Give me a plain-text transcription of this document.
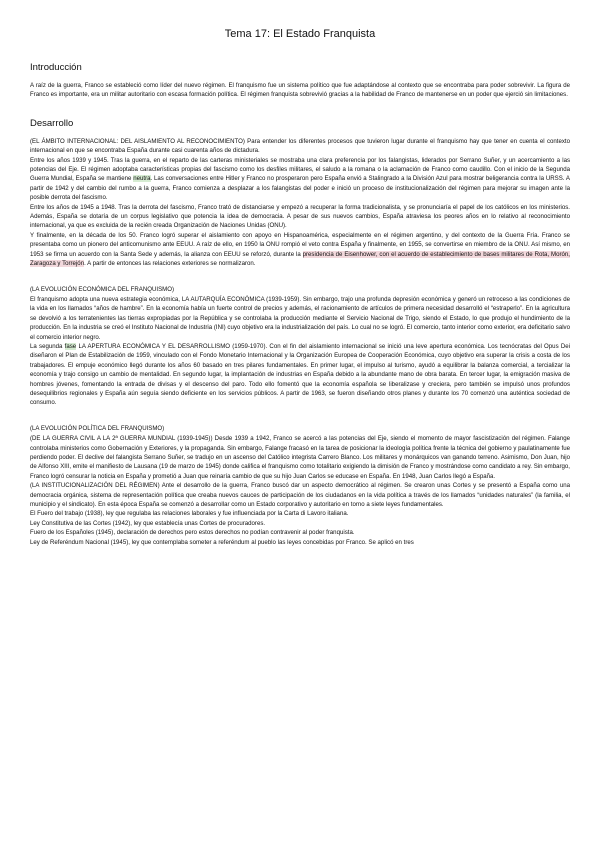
Tema 17: El Estado Franquista
Introducción

A raíz de la guerra, Franco se estableció como líder del nuevo régimen. El franquismo fue un sistema político que fue adaptándose al contexto que se encontraba para poder sobrevivir. La figura de Franco es importante, era un militar autoritario con escasa formación política. El régimen franquista sobrevivió gracias a la habilidad de Franco de mantenerse en un poder que ejerció sin limitaciones.

Desarrollo

(EL ÁMBITO INTERNACIONAL: DEL AISLAMIENTO AL RECONOCIMIENTO) Para entender los diferentes procesos que tuvieron lugar durante el franquismo hay que tener en cuenta el contexto internacional en que se encontraba España durante casi cuarenta años de dictadura.

Entre los años 1939 y 1945. Tras la guerra, en el reparto de las carteras ministeriales se mostraba una clara preferencia por los falangistas, liderados por Serrano Suñer, y un acercamiento a las potencias del Eje. El régimen adoptaba características propias del fascismo como los desfiles militares, el saludo a la romana o la aclamación de Franco como caudillo. Con el inicio de la Segunda Guerra Mundial, España se mantiene neutra. Las conversaciones entre Hitler y Franco no prosperaron pero España envió a Stalingrado a la División Azul para mostrar beligerancia contra la URSS. A partir de 1942 y del cambio del rumbo a la guerra, Franco comienza a desplazar a los falangistas del poder e inició un proceso de institucionalización del régimen para mejorar su imagen ante la posible derrota del fascismo.

Entre los años de 1945 a 1948. Tras la derrota del fascismo, Franco trató de distanciarse y empezó a recuperar la forma tradicionalista, y se pronunciaría el papel de los católicos en los ministerios. Además, España se dotaría de un corpus legislativo que potencia la idea de democracia. A pesar de sus nuevos cambios, España atraviesa los peores años en lo relativo al reconocimiento internacional, ya que es excluida de la recién creada Organización de Naciones Unidas (ONU).

Y finalmente, en la década de los 50. Franco logró superar el aislamiento con apoyo en Hispanoamérica, especialmente en el régimen argentino, y del contexto de la Guerra Fría. Franco se presentaba como un pionero del anticomunismo ante EEUU. A raíz de ello, en 1950 la ONU rompió el veto contra España y finalmente, en 1955, se convertirse en miembro de la ONU. Así mismo, en 1953 se firma un acuerdo con la Santa Sede y además, la alianza con EEUU se reforzó, durante la presidencia de Eisenhower, con el acuerdo de establecimiento de bases militares de Rota, Morón, Zaragoza y Torrejón. A partir de entonces las relaciones exteriores se normalizaron.

(LA EVOLUCIÓN ECONÓMICA DEL FRANQUISMO)

El franquismo adopta una nueva estrategia económica, LA AUTARQUÍA ECONÓMICA (1939-1959). Sin embargo, trajo una profunda depresión económica y generó un retroceso a las condiciones de la vida en los llamados “años de hambre”. En la economía había un fuerte control de precios y además, el racionamiento de artículos de primera necesidad desarrolló el “estraperlo”. En la agricultura se devolvió a los terratenientes las tierras expropiadas por la República y se controlaba la producción mediante el Servicio Nacional de Trigo, siendo el Estado, lo que produjo el hundimiento de la producción. En la industria se creó el Instituto Nacional de Industria (INI) cuyo objetivo era la industrialización del país. Lo cual no se logró. El comercio, tanto interior como exterior, era deficitario salvo el comercio interior negro.

La segunda fase LA APERTURA ECONÓMICA Y EL DESARROLLISMO (1959-1970). Con el fin del aislamiento internacional se inició una leve apertura económica. Los tecnócratas del Opus Dei diseñaron el Plan de Estabilización de 1959, vinculado con el Fondo Monetario Internacional y la Organización Europea de Cooperación Económica, cuyo objetivo era superar la crisis a costa de los trabajadores. El empuje económico llegó durante los años 60 basado en tres pilares fundamentales. En primer lugar, el impulso al turismo, ayudó a equilibrar la balanza comercial, a tercializar la economía y trajo consigo un cambio de mentalidad. En segundo lugar, la implantación de industrias en España debido a la abundante mano de obra barata. En tercer lugar, la emigración masiva de hombres jóvenes, fomentando la entrada de divisas y el descenso del paro. Todo ello fomentó que la economía española se liberalizase y creciera, pero también se impulsó unos profundos desequilibrios regionales y España aún seguía siendo deficiente en los servicios públicos. A partir de 1963, se fueron diseñando otros planes y durante los 70 comenzó una auténtica sociedad de consumo.

(LA EVOLUCIÓN POLÍTICA DEL FRANQUISMO)

(DE LA GUERRA CIVIL A LA 2ª GUERRA MUNDIAL (1939-1945)) Desde 1939 a 1942, Franco se acercó a las potencias del Eje, siendo el momento de mayor fascistización del régimen. Falange controlaba ministerios como Gobernación y Exteriores, y la propaganda. Sin embargo, Falange fracasó en la tarea de posicionar la ideología política frente la técnica del gobierno y paulatinamente fue perdiendo poder. El declive del falangista Serrano Suñer, se tradujo en un ascenso del Católico integrista Carrero Blanco. Los militares y monárquicos van ganando terreno. Asimismo, Don Juan, hijo de Alfonso XIII, emite el manifiesto de Lausana (19 de marzo de 1945) donde califica el franquismo como totalitario exigiendo la dimisión de Franco y mostrándose como candidato a rey. Sin embargo, Franco logró censurar la noticia en España y prometió a Juan que reinaría cambio de que su hijo Juan Carlos se educase en España. En 1948, Juan Carlos llegó a España.

(LA INSTITUCIONALIZACIÓN DEL RÉGIMEN) Ante el desarrollo de la guerra, Franco buscó dar un aspecto democrático al régimen. Se crearon unas Cortes y se presentó a España como una democracia orgánica, sistema de representación política que creaba nuevos cauces de participación de los ciudadanos en la vida política a través de los llamados “unidades naturales” (la familia, el municipio y el sindicato). En esta época España se comenzó a desarrollar como un Estado corporativo y autoritario en torno a siete leyes fundamentales.

El Fuero del trabajo (1938), ley que regulaba las relaciones laborales y fue influenciada por la Carta di Lavoro italiana.

Ley Constitutiva de las Cortes (1942), ley que establecía unas Cortes de procuradores.

Fuero de los Españoles (1945), declaración de derechos pero estos derechos no podían contravenir al poder franquista.

Ley de Referéndum Nacional (1945), ley que contemplaba someter a referéndum al pueblo las leyes concebidas por Franco. Se aplicó en tres
